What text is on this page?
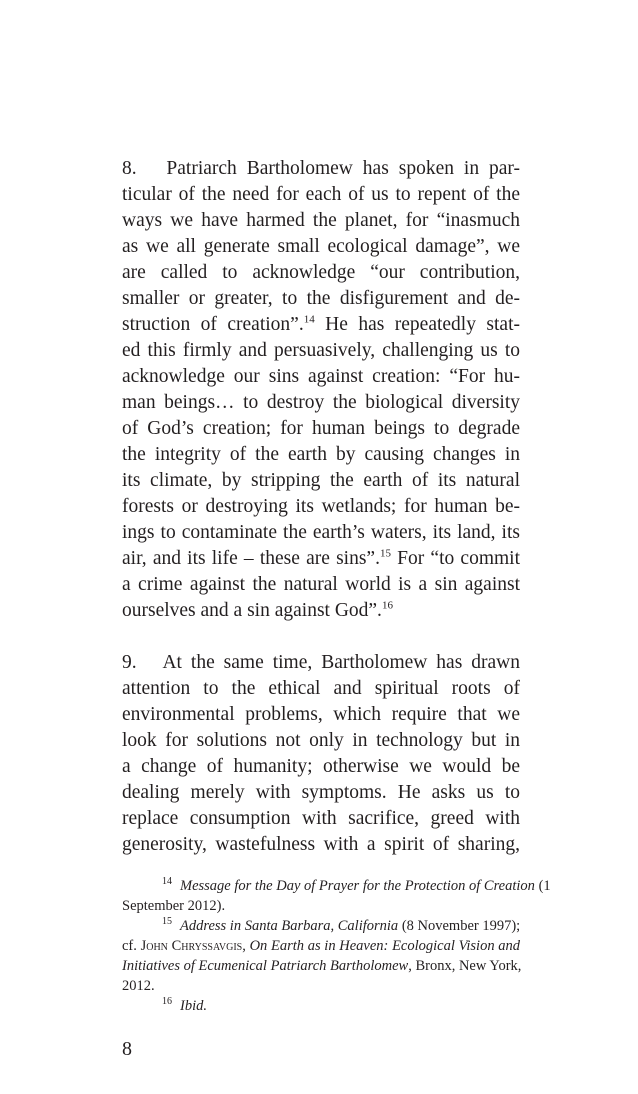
8. Patriarch Bartholomew has spoken in par-
ticular of the need for each of us to repent of the
ways we have harmed the planet, for “inasmuch
as we all generate small ecological damage”, we
are called to acknowledge “our contribution,
smaller or greater, to the disfigurement and de-
struction of creation”.$^{14}$ He has repeatedly stat-
ed this firmly and persuasively, challenging us to
acknowledge our sins against creation: “For hu-
man beings… to destroy the biological diversity
of God’s creation; for human beings to degrade
the integrity of the earth by causing changes in
its climate, by stripping the earth of its natural
forests or destroying its wetlands; for human be-
ings to contaminate the earth’s waters, its land, its
air, and its life – these are sins”.$^{15}$ For “to commit
a crime against the natural world is a sin against
ourselves and a sin against God”.$^{16}$
9. At the same time, Bartholomew has drawn
attention to the ethical and spiritual roots of
environmental problems, which require that we
look for solutions not only in technology but in
a change of humanity; otherwise we would be
dealing merely with symptoms. He asks us to
replace consumption with sacrifice, greed with
generosity, wastefulness with a spirit of sharing,
$^{14}$ Message for the Day of Prayer for the Protection of Creation (1
September 2012).
$^{15}$ Address in Santa Barbara, California (8 November 1997);
cf. John Chryssavgis, On Earth as in Heaven: Ecological Vision and
Initiatives of Ecumenical Patriarch Bartholomew, Bronx, New York,
2012.
$^{16}$ Ibid.
8
